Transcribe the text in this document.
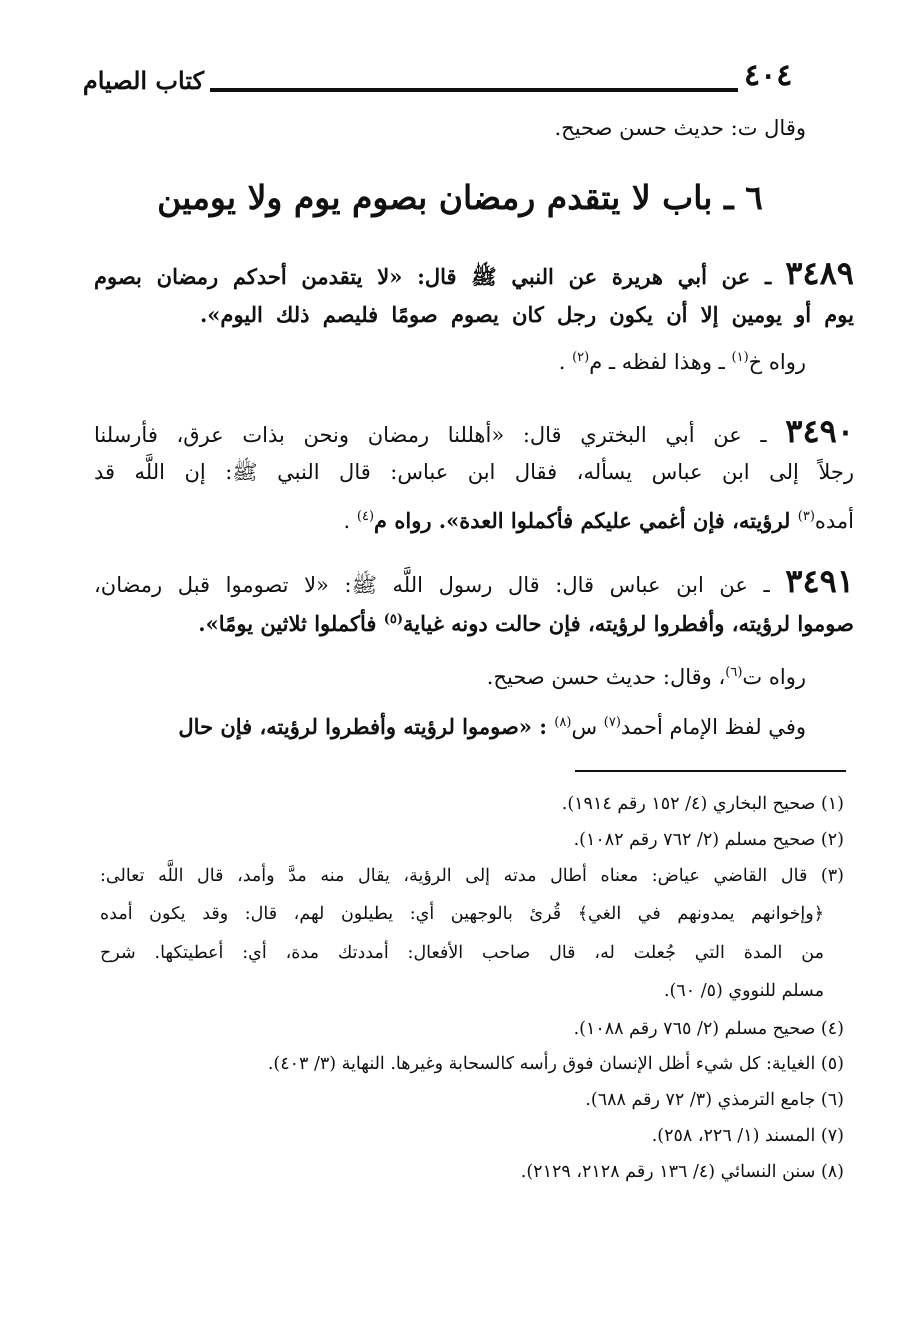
٤٠٤
كتاب الصيام
وقال ت: حديث حسن صحيح.
٦ ـ باب لا يتقدم رمضان بصوم يوم ولا يومين
٣٤٨٩ ـ عن أبي هريرة عن النبي ﷺ قال: «لا يتقدمن أحدكم رمضان بصوم
يوم أو يومين إلا أن يكون رجل كان يصوم صومًا فليصم ذلك اليوم».
رواه خ$^{(١)}$ ـ وهذا لفظه ـ م$^{(٢)}$ .
٣٤٩٠ ـ عن أبي البختري قال: «أهللنا رمضان ونحن بذات عرق، فأرسلنا
رجلاً إلى ابن عباس يسأله، فقال ابن عباس: قال النبي ﷺ: إن اللَّه قد
أمده$^{(٣)}$ لرؤيته، فإن أغمي عليكم فأكملوا العدة». رواه م$^{(٤)}$ .
٣٤٩١ ـ عن ابن عباس قال: قال رسول اللَّه ﷺ: «لا تصوموا قبل رمضان،
صوموا لرؤيته، وأفطروا لرؤيته، فإن حالت دونه غياية$^{(٥)}$ فأكملوا ثلاثين يومًا».
رواه ت$^{(٦)}$، وقال: حديث حسن صحيح.
وفي لفظ الإمام أحمد$^{(٧)}$ س$^{(٨)}$ : «صوموا لرؤيته وأفطروا لرؤيته، فإن حال
(١) صحيح البخاري (٤/ ١٥٢ رقم ١٩١٤).
(٢) صحيح مسلم (٢/ ٧٦٢ رقم ١٠٨٢).
(٣) قال القاضي عياض: معناه أطال مدته إلى الرؤية، يقال منه مدَّ وأمد، قال اللَّه تعالى:
﴿وإخوانهم يمدونهم في الغي﴾ قُرئ بالوجهين أي: يطيلون لهم، قال: وقد يكون أمده
من المدة التي جُعلت له، قال صاحب الأفعال: أمددتك مدة، أي: أعطيتكها. شرح
مسلم للنووي (٥/ ٦٠).
(٤) صحيح مسلم (٢/ ٧٦٥ رقم ١٠٨٨).
(٥) الغياية: كل شيء أظل الإنسان فوق رأسه كالسحابة وغيرها. النهاية (٣/ ٤٠٣).
(٦) جامع الترمذي (٣/ ٧٢ رقم ٦٨٨).
(٧) المسند (١/ ٢٢٦، ٢٥٨).
(٨) سنن النسائي (٤/ ١٣٦ رقم ٢١٢٨، ٢١٢٩).
